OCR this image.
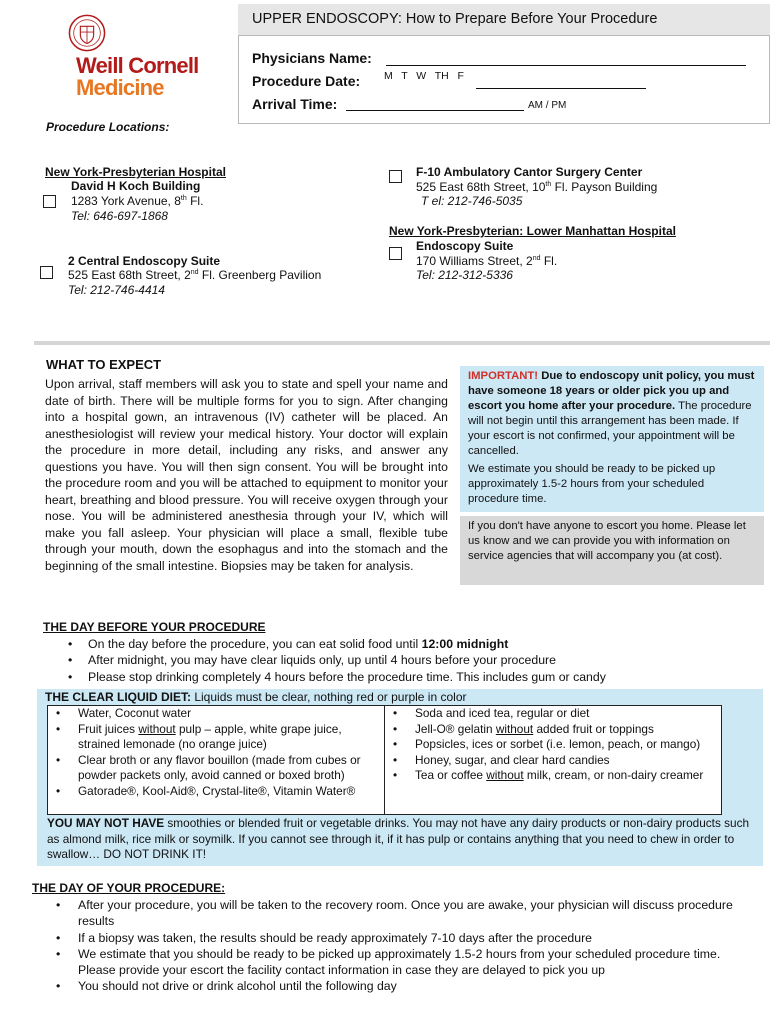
Weill Cornell
Medicine
UPPER ENDOSCOPY: How to Prepare Before Your Procedure
Physicians Name:
Procedure Date: M   T   W   TH   F
Arrival Time:	AM / PM
Procedure Locations:
New York-Presbyterian Hospital
David H Koch Building
1283 York Avenue, 8th Fl.
Tel: 646-697-1868
2 Central Endoscopy Suite
525 East 68th Street, 2nd Fl. Greenberg Pavilion
Tel: 212-746-4414
F-10 Ambulatory Cantor Surgery Center
525 East 68th Street, 10th Fl. Payson Building
T el: 212-746-5035
New York-Presbyterian: Lower Manhattan Hospital
Endoscopy Suite
170 Williams Street, 2nd Fl.
Tel: 212-312-5336
WHAT TO EXPECT
Upon arrival, staff members will ask you to state and spell your name and date of birth. There will be multiple forms for you to sign. After changing into a hospital gown, an intravenous (IV) catheter will be placed. An anesthesiologist will review your medical history. Your doctor will explain the procedure in more detail, including any risks, and answer any questions you have. You will then sign consent. You will be brought into the procedure room and you will be attached to equipment to monitor your heart, breathing and blood pressure. You will receive oxygen through your nose. You will be administered anesthesia through your IV, which will make you fall asleep. Your physician will place a small, flexible tube through your mouth, down the esophagus and into the stomach and the beginning of the small intestine. Biopsies may be taken for analysis.

IMPORTANT! Due to endoscopy unit policy, you must have someone 18 years or older pick you up and escort you home after your procedure. The procedure will not begin until this arrangement has been made. If your escort is not confirmed, your appointment will be cancelled.

We estimate you should be ready to be picked up approximately 1.5-2 hours from your scheduled procedure time.

If you don't have anyone to escort you home. Please let us know and we can provide you with information on service agencies that will accompany you (at cost).
THE DAY BEFORE YOUR PROCEDURE
• On the day before the procedure, you can eat solid food until 12:00 midnight
• After midnight, you may have clear liquids only, up until 4 hours before your procedure
• Please stop drinking completely 4 hours before the procedure time. This includes gum or candy
THE CLEAR LIQUID DIET: Liquids must be clear, nothing red or purple in color
• Water, Coconut water
• Fruit juices without pulp – apple, white grape juice, strained lemonade (no orange juice)
• Clear broth or any flavor bouillon (made from cubes or powder packets only, avoid canned or boxed broth)
• Gatorade®, Kool-Aid®, Crystal-lite®, Vitamin Water®
• Soda and iced tea, regular or diet
• Jell-O® gelatin without added fruit or toppings
• Popsicles, ices or sorbet (i.e. lemon, peach, or mango)
• Honey, sugar, and clear hard candies
• Tea or coffee without milk, cream, or non-dairy creamer
YOU MAY NOT HAVE smoothies or blended fruit or vegetable drinks. You may not have any dairy products or non-dairy products such as almond milk, rice milk or soymilk. If you cannot see through it, if it has pulp or contains anything that you need to chew in order to swallow… DO NOT DRINK IT!
THE DAY OF YOUR PROCEDURE:
• After your procedure, you will be taken to the recovery room. Once you are awake, your physician will discuss procedure results
• If a biopsy was taken, the results should be ready approximately 7-10 days after the procedure
• We estimate that you should be ready to be picked up approximately 1.5-2 hours from your scheduled procedure time. Please provide your escort the facility contact information in case they are delayed to pick you up
• You should not drive or drink alcohol until the following day
